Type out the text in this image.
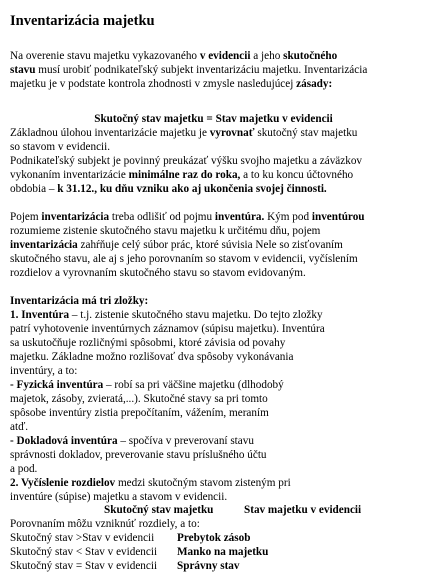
Inventarizácia majetku

Na overenie stavu majetku vykazovaného v evidencii a jeho skutočného

stavu musí urobiť podnikateľský subjekt inventarizáciu majetku. Inventarizácia

majetku je v podstate kontrola zhodnosti v zmysle nasledujúcej zásady:

Skutočný stav majetku = Stav majetku v evidencii

Základnou úlohou inventarizácie majetku je vyrovnať skutočný stav majetku

so stavom v evidencii.

Podnikateľský subjekt je povinný preukázať výšku svojho majetku a záväzkov

vykonaním inventarizácie minimálne raz do roka, a to ku koncu účtovného

obdobia – k 31.12., ku dňu vzniku ako aj ukončenia svojej činnosti.

Pojem inventarizácia treba odlišiť od pojmu inventúra. Kým pod inventúrou

rozumieme zistenie skutočného stavu majetku k určitému dňu, pojem

inventarizácia zahŕňuje celý súbor prác, ktoré súvisia Nele so zisťovaním

skutočného stavu, ale aj s jeho porovnaním so stavom v evidencii, vyčíslením

rozdielov a vyrovnaním skutočného stavu so stavom evidovaným.

Inventarizácia má tri zložky:

1. Inventúra – t.j. zistenie skutočného stavu majetku. Do tejto zložky

patrí vyhotovenie inventúrnych záznamov (súpisu majetku). Inventúra

sa uskutočňuje rozličnými spôsobmi, ktoré závisia od povahy

majetku. Základne možno rozlišovať dva spôsoby vykonávania

inventúry, a to:

- Fyzická inventúra – robí sa pri väčšine majetku (dlhodobý

majetok, zásoby, zvieratá,...). Skutočné stavy sa pri tomto

spôsobe inventúry zistia prepočítaním, vážením, meraním

atď.

- Dokladová inventúra – spočíva v preverovaní stavu

správnosti dokladov, preverovanie stavu príslušného účtu

a pod.

2. Vyčíslenie rozdielov medzi skutočným stavom zisteným pri

inventúre (súpise) majetku a stavom v evidencii.

Skutočný stav majetku	Stav majetku v evidencii

Porovnaním môžu vzniknúť rozdiely, a to:

Skutočný stav >Stav v evidencii Prebytok zásob
Skutočný stav < Stav v evidencii Manko na majetku
Skutočný stav = Stav v evidencii Správny stav
